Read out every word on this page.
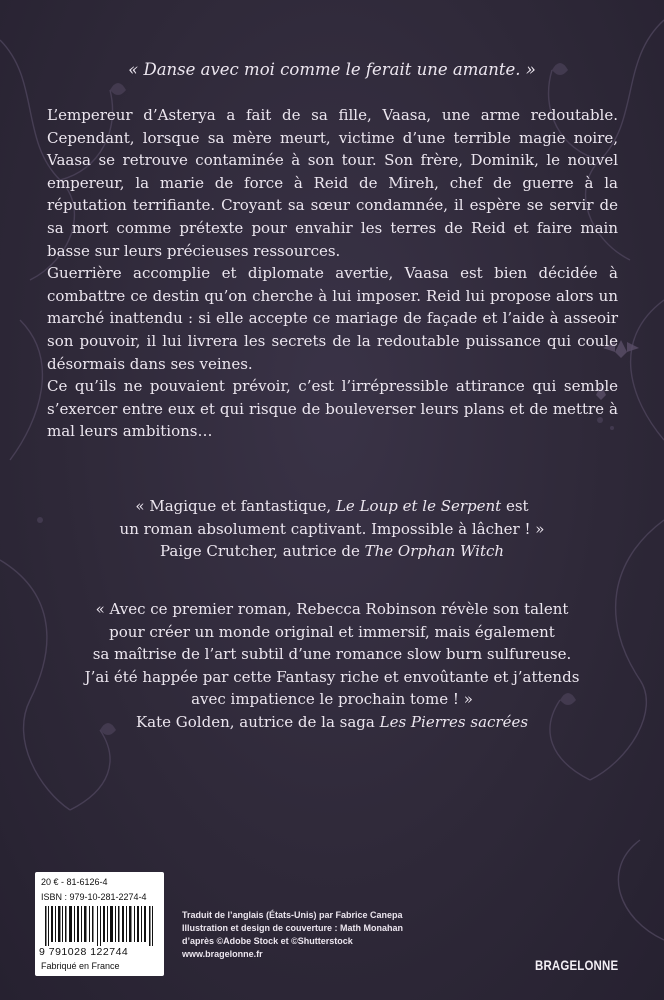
« Danse avec moi comme le ferait une amante. »

L’empereur d’Asterya a fait de sa fille, Vaasa, une arme redoutable. Cependant, lorsque sa mère meurt, victime d’une terrible magie noire, Vaasa se retrouve contaminée à son tour. Son frère, Dominik, le nouvel empereur, la marie de force à Reid de Mireh, chef de guerre à la réputation terrifiante. Croyant sa sœur condamnée, il espère se servir de sa mort comme prétexte pour envahir les terres de Reid et faire main basse sur leurs précieuses ressources.

Guerrière accomplie et diplomate avertie, Vaasa est bien décidée à combattre ce destin qu’on cherche à lui imposer. Reid lui propose alors un marché inattendu : si elle accepte ce mariage de façade et l’aide à asseoir son pouvoir, il lui livrera les secrets de la redoutable puissance qui coule désormais dans ses veines.

Ce qu’ils ne pouvaient prévoir, c’est l’irrépressible attirance qui semble s’exercer entre eux et qui risque de bouleverser leurs plans et de mettre à mal leurs ambitions…

« Magique et fantastique, Le Loup et le Serpent est

un roman absolument captivant. Impossible à lâcher ! »

Paige Crutcher, autrice de The Orphan Witch

« Avec ce premier roman, Rebecca Robinson révèle son talent

pour créer un monde original et immersif, mais également

sa maîtrise de l’art subtil d’une romance slow burn sulfureuse.

J’ai été happée par cette Fantasy riche et envoûtante et j’attends

avec impatience le prochain tome ! »

Kate Golden, autrice de la saga Les Pierres sacrées

20 € - 81-6126-4
ISBN : 979-10-281-2274-4
9 791028 122744
Fabriqué en France
Traduit de l’anglais (États-Unis) par Fabrice Canepa
Illustration et design de couverture : Math Monahan
d’après ©Adobe Stock et ©Shutterstock
www.bragelonne.fr
BRAGELONNE
